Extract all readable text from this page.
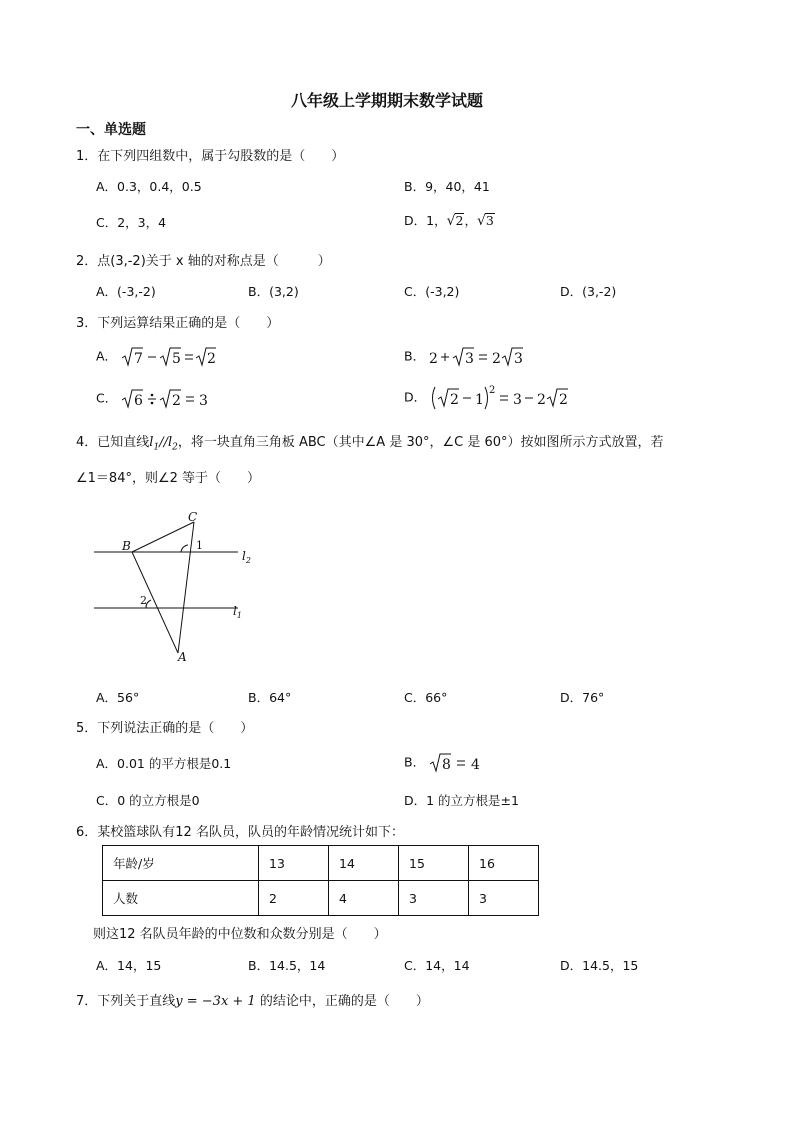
八年级上学期期末数学试题
一、单选题
1．在下列四组数中，属于勾股数的是（　　）
A．0.3，0.4，0.5	B．9，40，41
C．2，3，4	D．1，√2，√3
2．点(3,-2)关于 x 轴的对称点是（　　　）
A．(-3,-2)	B．(3,2)	C．(-3,2)	D．(3,-2)
3．下列运算结果正确的是（　　）
A． 7 5 2	B． 2 3 2 3
C． 6 2 3	D． 2 1
2
3 2 2
4．已知直线$l_1//l_2$，将一块直角三角板 ABC（其中∠A 是 30°，∠C 是 60°）按如图所示方式放置，若
∠1＝84°，则∠2 等于（　　）
C
B
A
$l_2$
$l_1$
1
2
A．56°	B．64°	C．66°	D．76°
5．下列说法正确的是（　　）
A．0.01 的平方根是0.1	B． 8 4
C．0 的立方根是0	D．1 的立方根是±1
6．某校篮球队有12 名队员，队员的年龄情况统计如下：
年龄/岁	13	14	15	16
人数	2	4	3	3
则这12 名队员年龄的中位数和众数分别是（　　）
A．14，15	B．14.5，14	C．14，14	D．14.5，15
7．下列关于直线y = −3x + 1 的结论中，正确的是（　　）
